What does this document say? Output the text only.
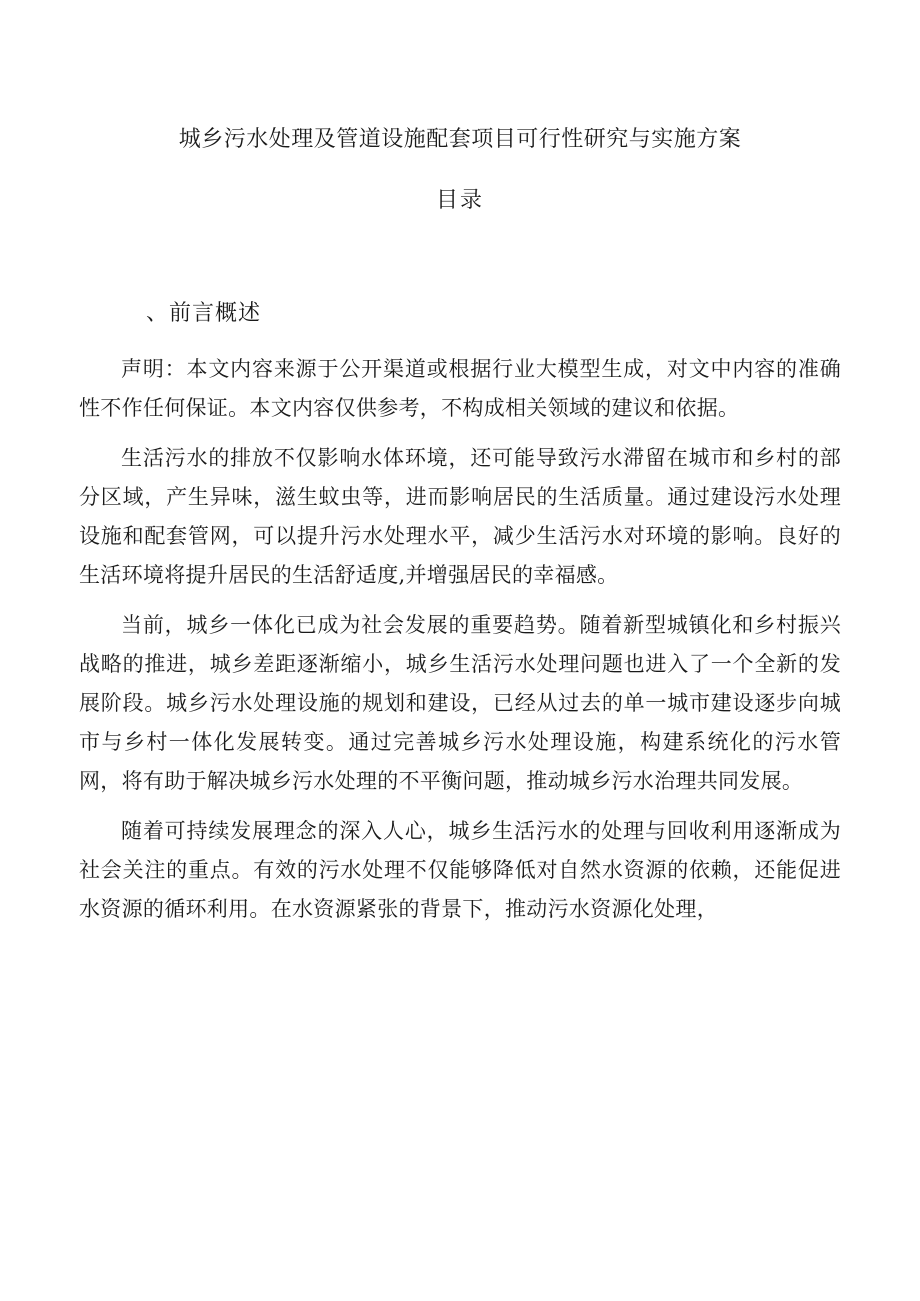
城乡污水处理及管道设施配套项目可行性研究与实施方案
目录
、前言概述

声明：本文内容来源于公开渠道或根据行业大模型生成，对文中内容的准确性不作任何保证。本文内容仅供参考，不构成相关领域的建议和依据。

生活污水的排放不仅影响水体环境，还可能导致污水滞留在城市和乡村的部分区域，产生异味，滋生蚊虫等，进而影响居民的生活质量。通过建设污水处理设施和配套管网，可以提升污水处理水平，减少生活污水对环境的影响。良好的生活环境将提升居民的生活舒适度,并增强居民的幸福感。

当前，城乡一体化已成为社会发展的重要趋势。随着新型城镇化和乡村振兴战略的推进，城乡差距逐渐缩小，城乡生活污水处理问题也进入了一个全新的发展阶段。城乡污水处理设施的规划和建设，已经从过去的单一城市建设逐步向城市与乡村一体化发展转变。通过完善城乡污水处理设施，构建系统化的污水管网，将有助于解决城乡污水处理的不平衡问题，推动城乡污水治理共同发展。

随着可持续发展理念的深入人心，城乡生活污水的处理与回收利用逐渐成为社会关注的重点。有效的污水处理不仅能够降低对自然水资源的依赖，还能促进水资源的循环利用。在水资源紧张的背景下，推动污水资源化处理，
